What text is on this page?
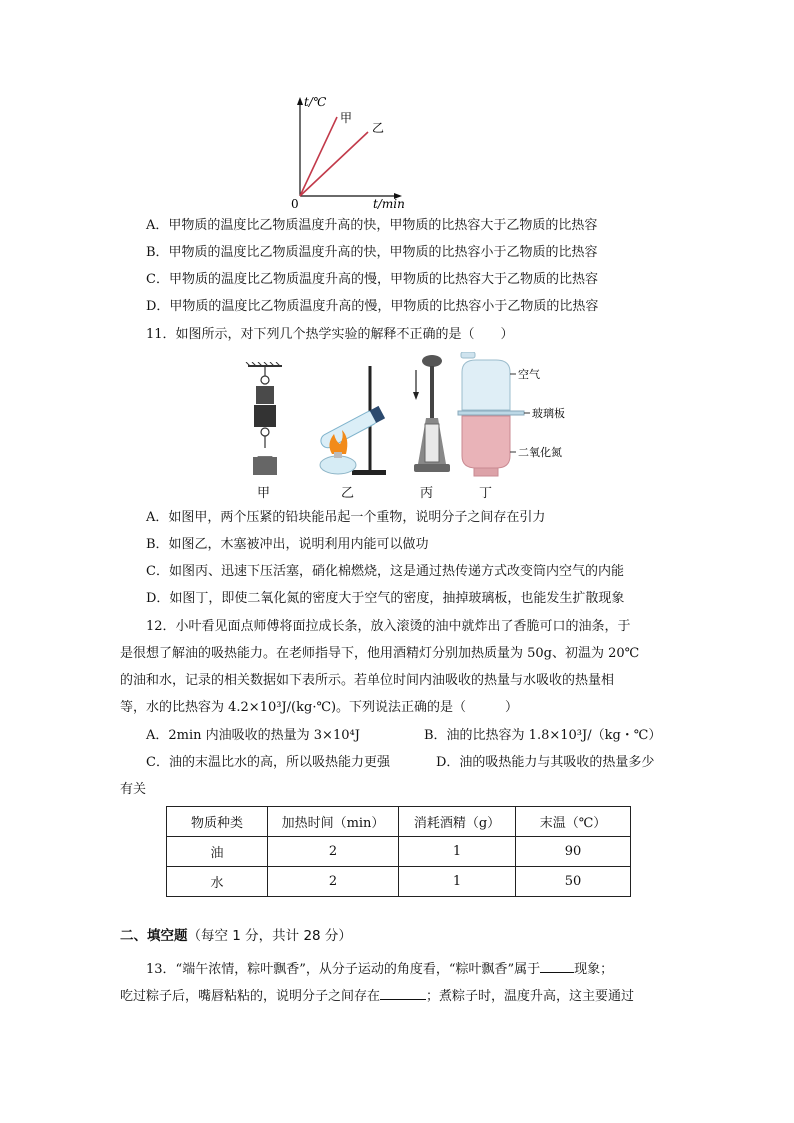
t/℃
甲
乙
0	t/min
A．甲物质的温度比乙物质温度升高的快，甲物质的比热容大于乙物质的比热容
B．甲物质的温度比乙物质温度升高的快，甲物质的比热容小于乙物质的比热容
C．甲物质的温度比乙物质温度升高的慢，甲物质的比热容大于乙物质的比热容
D．甲物质的温度比乙物质温度升高的慢，甲物质的比热容小于乙物质的比热容
11．如图所示，对下列几个热学实验的解释不正确的是（　　）
空气
玻璃板
二氧化氮
甲	乙	丙	丁
A．如图甲，两个压紧的铅块能吊起一个重物，说明分子之间存在引力
B．如图乙，木塞被冲出，说明利用内能可以做功
C．如图丙、迅速下压活塞，硝化棉燃烧，这是通过热传递方式改变筒内空气的内能
D．如图丁，即使二氧化氮的密度大于空气的密度，抽掉玻璃板，也能发生扩散现象
12．小叶看见面点师傅将面拉成长条，放入滚烫的油中就炸出了香脆可口的油条，于
是很想了解油的吸热能力。在老师指导下，他用酒精灯分别加热质量为 50g、初温为 20℃
的油和水，记录的相关数据如下表所示。若单位时间内油吸收的热量与水吸收的热量相
等，水的比热容为 4.2×10³J/(kg·℃)。下列说法正确的是（　　　）
A．2min 内油吸收的热量为 3×10⁴J	B．油的比热容为 1.8×10³J/（kg・℃）
C．油的末温比水的高，所以吸热能力更强	D．油的吸热能力与其吸收的热量多少
有关
物质种类	加热时间（min）	消耗酒精（g）	末温（℃）
油	2	1	90
水	2	1	50
二、填空题（每空 1 分，共计 28 分）
13．“端午浓情，粽叶飘香”，从分子运动的角度看，“粽叶飘香”属于	现象；
吃过粽子后，嘴唇粘粘的，说明分子之间存在	；煮粽子时，温度升高，这主要通过
